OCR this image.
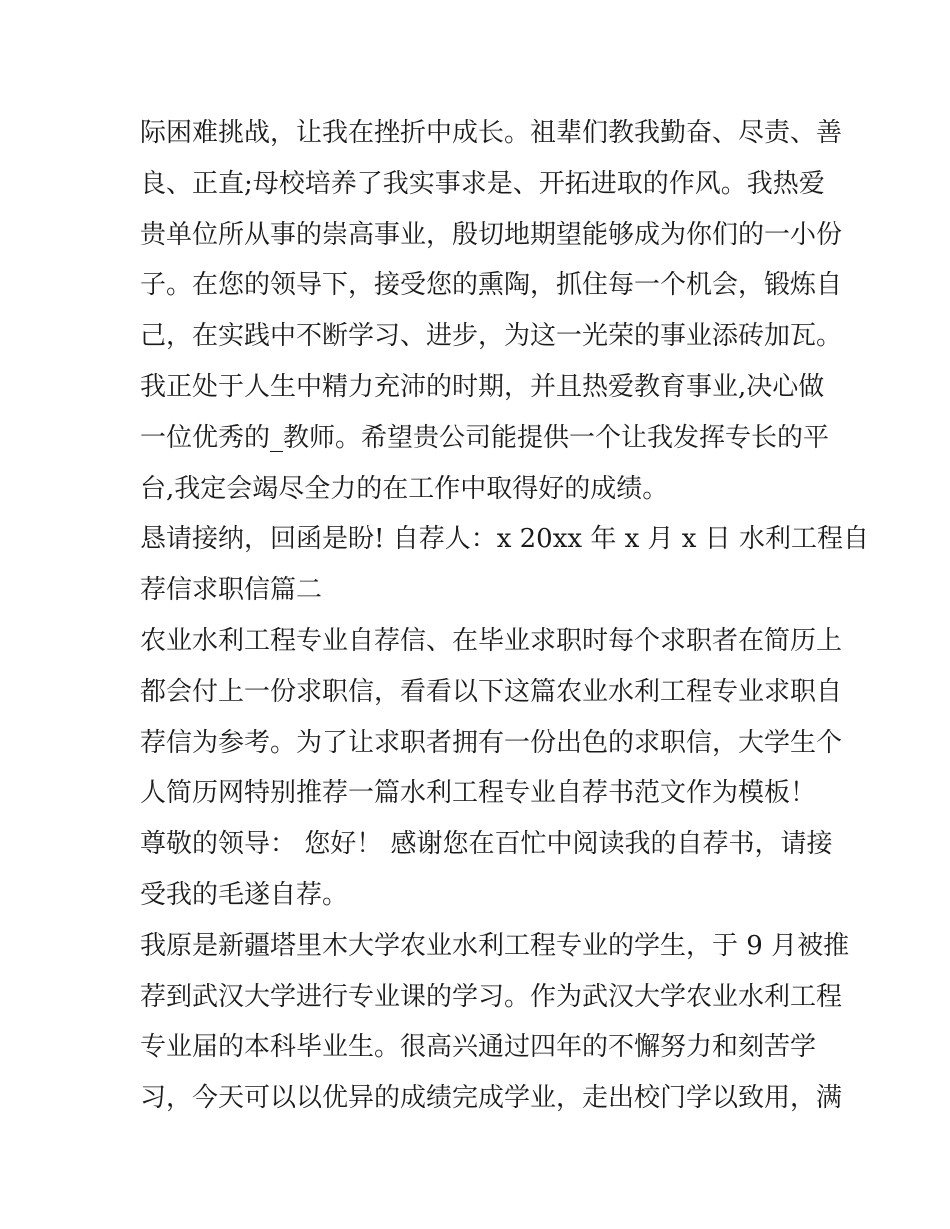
际困难挑战，让我在挫折中成长。祖辈们教我勤奋、尽责、善
良、正直;母校培养了我实事求是、开拓进取的作风。我热爱
贵单位所从事的崇高事业，殷切地期望能够成为你们的一小份
子。在您的领导下，接受您的熏陶，抓住每一个机会，锻炼自
己，在实践中不断学习、进步，为这一光荣的事业添砖加瓦。
我正处于人生中精力充沛的时期，并且热爱教育事业,决心做
一位优秀的_教师。希望贵公司能提供一个让我发挥专长的平
台,我定会竭尽全力的在工作中取得好的成绩。
恳请接纳，回函是盼! 自荐人：x 20xx 年 x 月 x 日 水利工程自
荐信求职信篇二
农业水利工程专业自荐信、在毕业求职时每个求职者在简历上
都会付上一份求职信，看看以下这篇农业水利工程专业求职自
荐信为参考。为了让求职者拥有一份出色的求职信，大学生个
人简历网特别推荐一篇水利工程专业自荐书范文作为模板！
尊敬的领导： 您好！ 感谢您在百忙中阅读我的自荐书，请接
受我的毛遂自荐。
我原是新疆塔里木大学农业水利工程专业的学生，于 9 月被推
荐到武汉大学进行专业课的学习。作为武汉大学农业水利工程
专业届的本科毕业生。很高兴通过四年的不懈努力和刻苦学
习，今天可以以优异的成绩完成学业，走出校门学以致用，满
